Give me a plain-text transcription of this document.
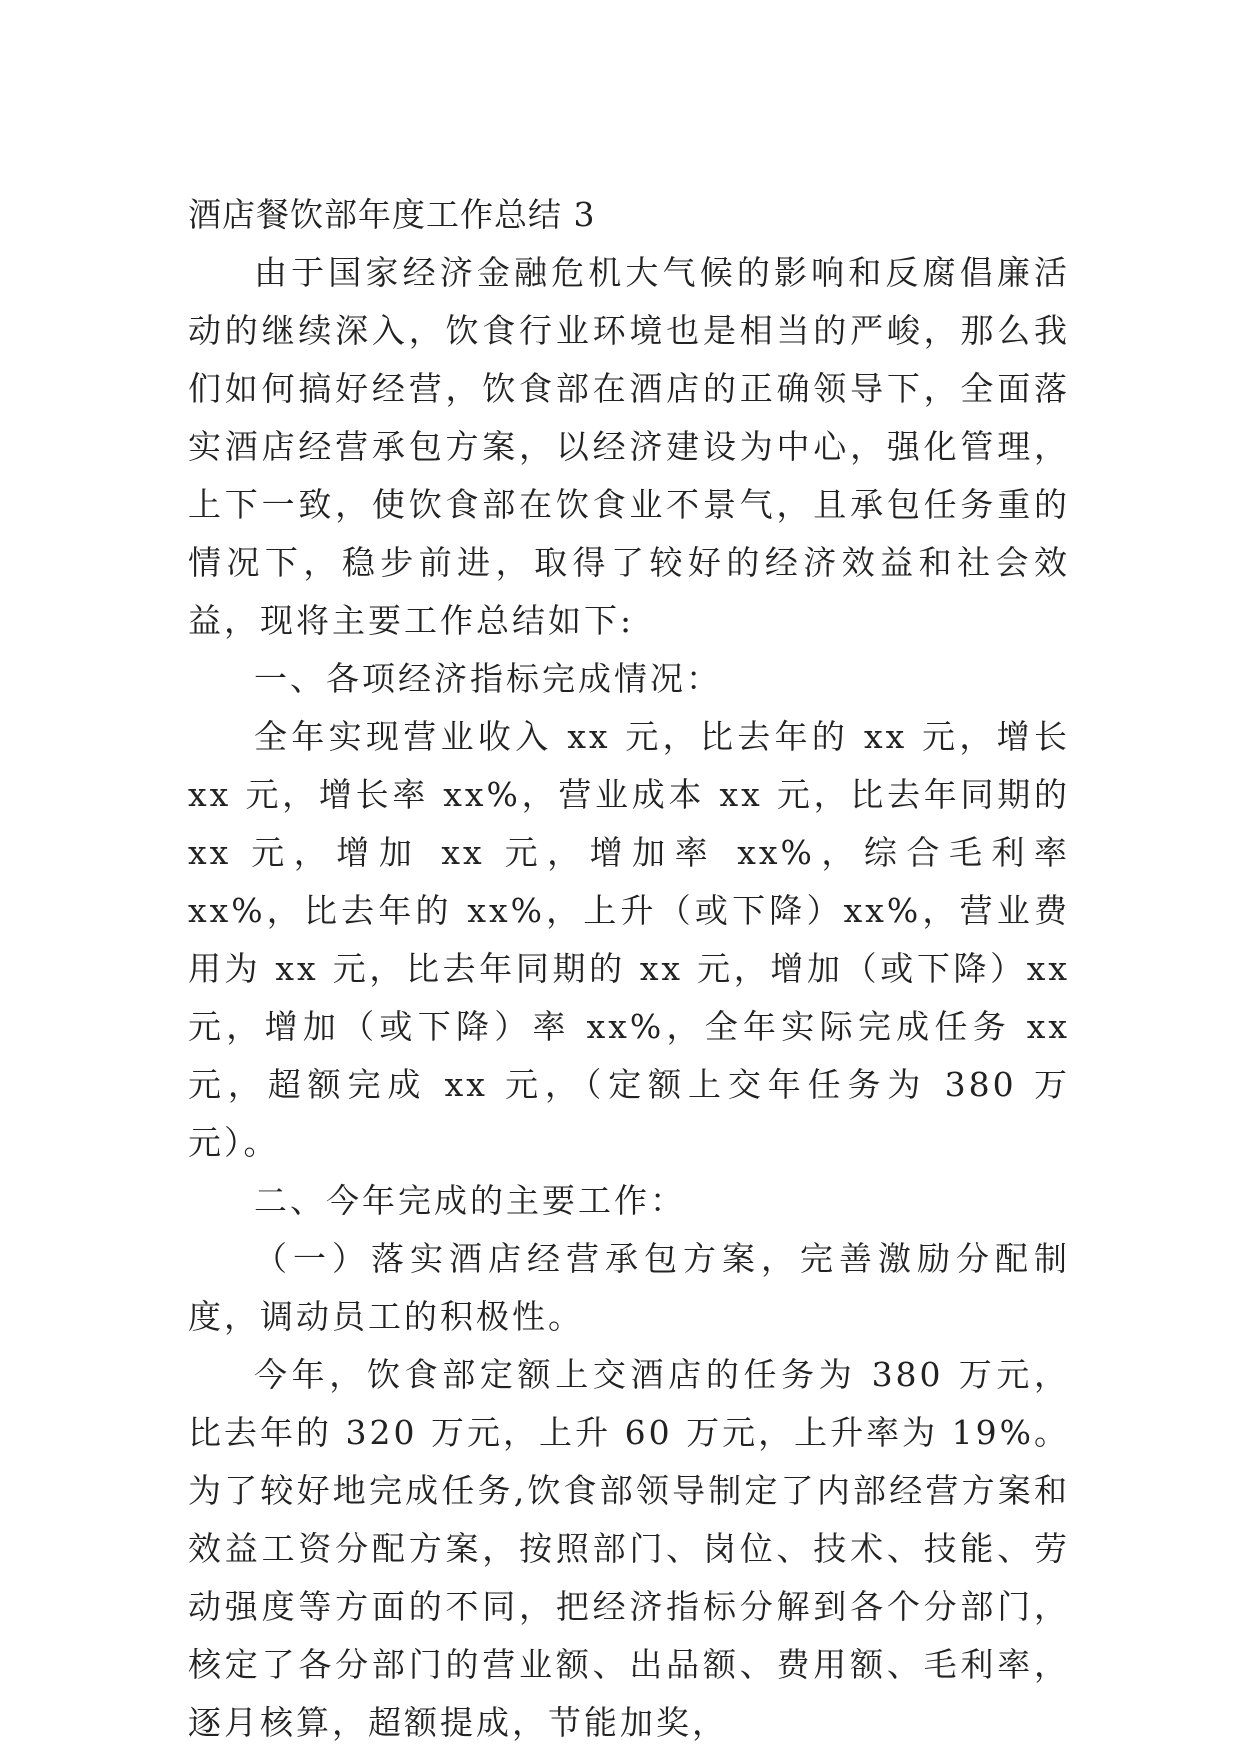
酒店餐饮部年度工作总结 3

由于国家经济金融危机大气候的影响和反腐倡廉活动的继续深入，饮食行业环境也是相当的严峻，那么我们如何搞好经营，饮食部在酒店的正确领导下，全面落实酒店经营承包方案，以经济建设为中心，强化管理，上下一致，使饮食部在饮食业不景气，且承包任务重的情况下，稳步前进，取得了较好的经济效益和社会效益，现将主要工作总结如下:

一、各项经济指标完成情况：

全年实现营业收入 xx 元，比去年的 xx 元，增长 xx 元，增长率 xx%，营业成本 xx 元，比去年同期的 xx 元，增加 xx 元，增加率 xx%，综合毛利率 xx%，比去年的 xx%，上升（或下降）xx%，营业费用为 xx 元，比去年同期的 xx 元，增加（或下降）xx 元，增加（或下降）率 xx%，全年实际完成任务 xx 元，超额完成 xx 元，（定额上交年任务为 380 万元）。

二、今年完成的主要工作：

（一）落实酒店经营承包方案，完善激励分配制度，调动员工的积极性。

今年，饮食部定额上交酒店的任务为 380 万元，比去年的 320 万元，上升 60 万元，上升率为 19%。为了较好地完成任务,饮食部领导制定了内部经营方案和效益工资分配方案，按照部门、岗位、技术、技能、劳动强度等方面的不同，把经济指标分解到各个分部门，核定了各分部门的营业额、出品额、费用额、毛利率，逐月核算，超额提成，节能加奖，
